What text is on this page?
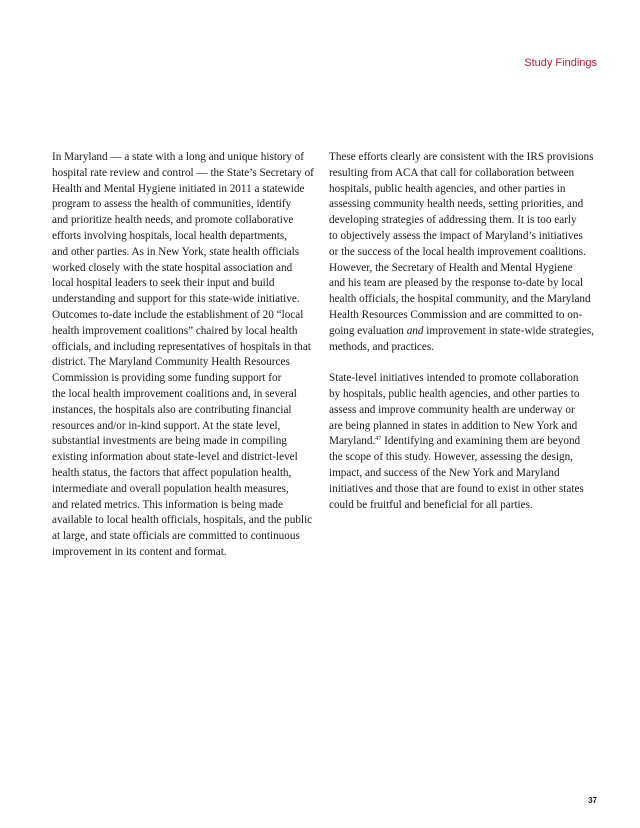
Study Findings

In Maryland — a state with a long and unique history of
hospital rate review and control — the State’s Secretary of
Health and Mental Hygiene initiated in 2011 a statewide
program to assess the health of communities, identify
and prioritize health needs, and promote collaborative
efforts involving hospitals, local health departments,
and other parties. As in New York, state health officials
worked closely with the state hospital association and
local hospital leaders to seek their input and build
understanding and support for this state-wide initiative.
Outcomes to-date include the establishment of 20 “local
health improvement coalitions” chaired by local health
officials, and including representatives of hospitals in that
district. The Maryland Community Health Resources
Commission is providing some funding support for
the local health improvement coalitions and, in several
instances, the hospitals also are contributing financial
resources and/or in-kind support. At the state level,
substantial investments are being made in compiling
existing information about state-level and district-level
health status, the factors that affect population health,
intermediate and overall population health measures,
and related metrics. This information is being made
available to local health officials, hospitals, and the public
at large, and state officials are committed to continuous
improvement in its content and format.
These efforts clearly are consistent with the IRS provisions
resulting from ACA that call for collaboration between
hospitals, public health agencies, and other parties in
assessing community health needs, setting priorities, and
developing strategies of addressing them. It is too early
to objectively assess the impact of Maryland’s initiatives
or the success of the local health improvement coalitions.
However, the Secretary of Health and Mental Hygiene
and his team are pleased by the response to-date by local
health officials, the hospital community, and the Maryland
Health Resources Commission and are committed to on-
going evaluation and improvement in state-wide strategies,
methods, and practices.
State-level initiatives intended to promote collaboration
by hospitals, public health agencies, and other parties to
assess and improve community health are underway or
are being planned in states in addition to New York and
Maryland.$^{47}$ Identifying and examining them are beyond
the scope of this study. However, assessing the design,
impact, and success of the New York and Maryland
initiatives and those that are found to exist in other states
could be fruitful and beneficial for all parties.

37
